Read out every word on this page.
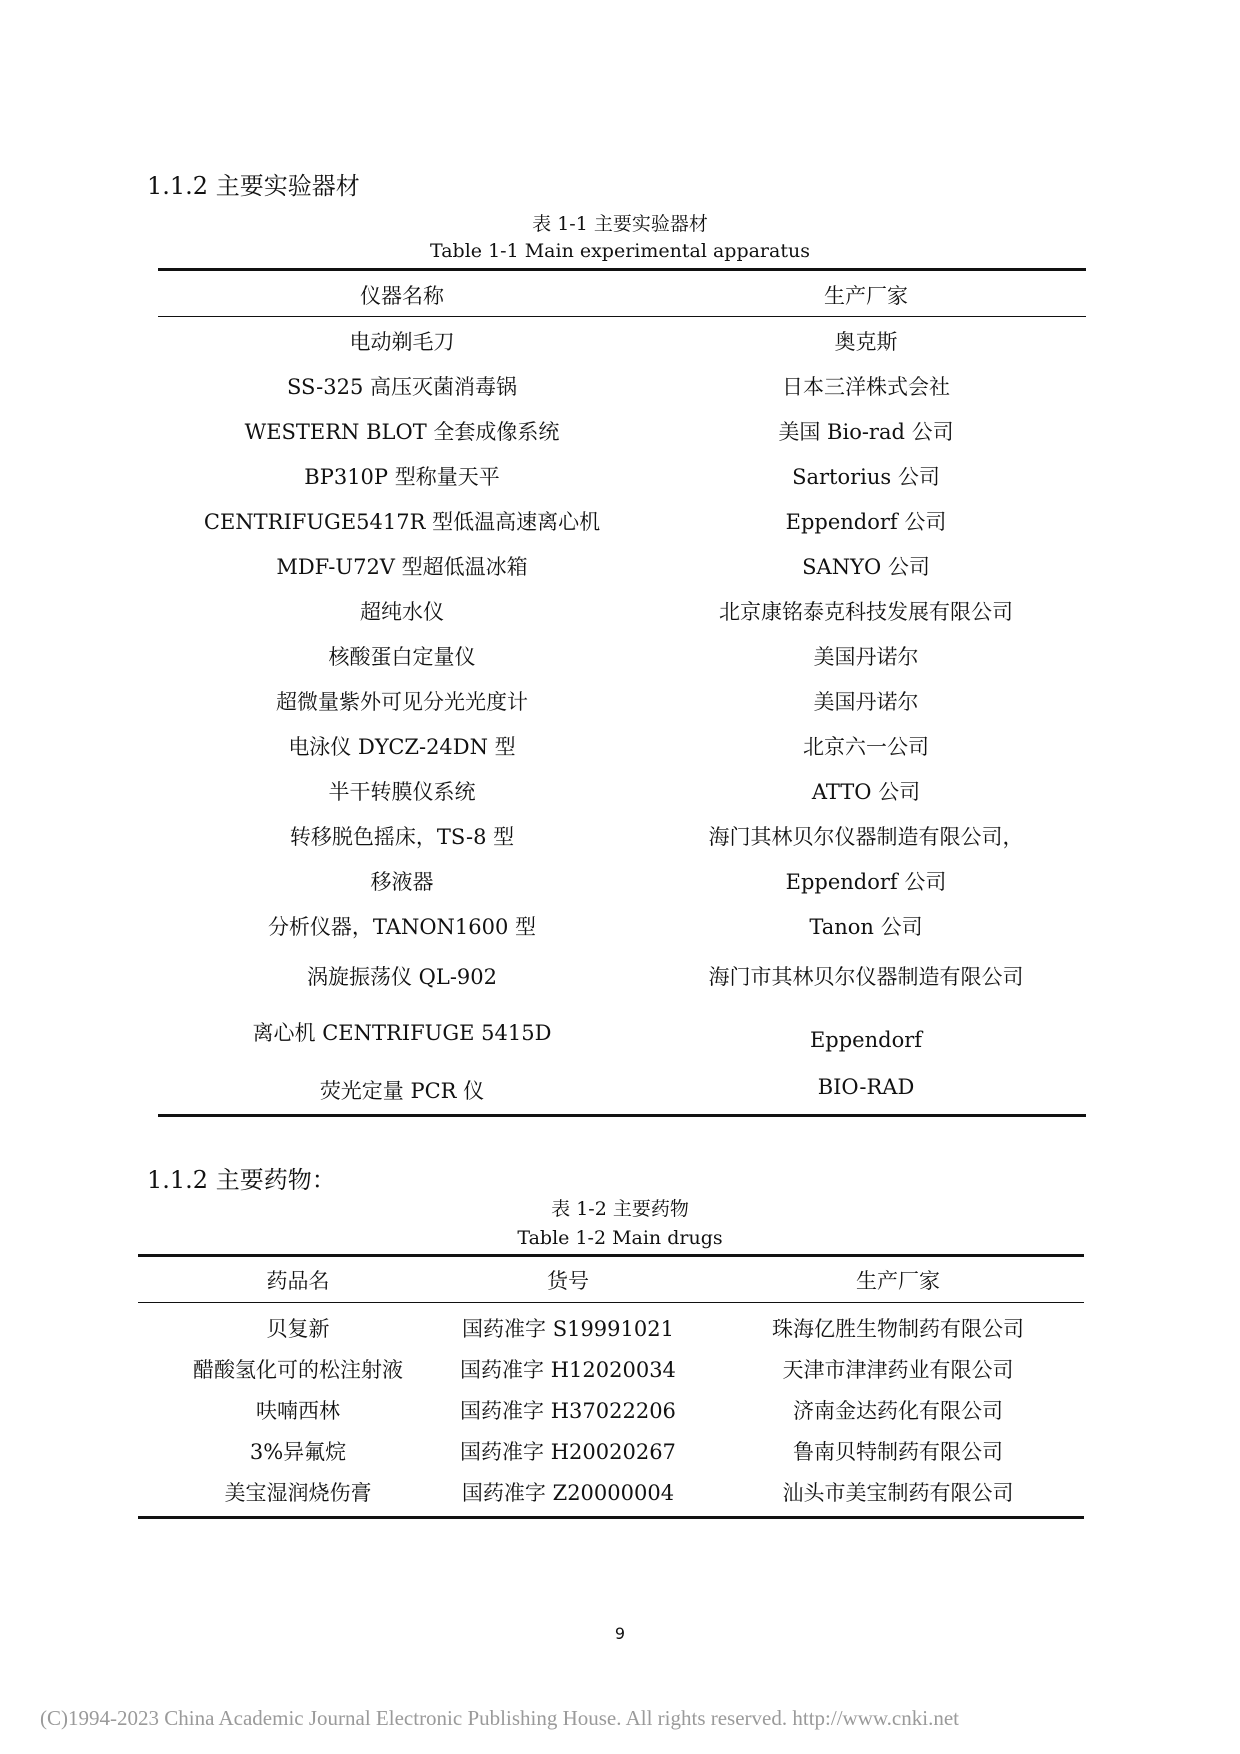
1.1.2 主要实验器材
表 1-1 主要实验器材
Table 1-1 Main experimental apparatus
仪器名称	生产厂家
电动剃毛刀	奥克斯
SS-325 高压灭菌消毒锅	日本三洋株式会社
WESTERN BLOT 全套成像系统	美国 Bio-rad 公司
BP310P 型称量天平	Sartorius 公司
CENTRIFUGE5417R 型低温高速离心机	Eppendorf 公司
MDF-U72V 型超低温冰箱	SANYO 公司
超纯水仪	北京康铭泰克科技发展有限公司
核酸蛋白定量仪	美国丹诺尔
超微量紫外可见分光光度计	美国丹诺尔
电泳仪 DYCZ-24DN 型	北京六一公司
半干转膜仪系统	ATTO 公司
转移脱色摇床，TS-8 型	海门其林贝尔仪器制造有限公司，
移液器	Eppendorf 公司
分析仪器，TANON1600 型	Tanon 公司
涡旋振荡仪 QL-902	海门市其林贝尔仪器制造有限公司
离心机 CENTRIFUGE 5415D	Eppendorf
荧光定量 PCR 仪	BIO-RAD
1.1.2 主要药物：
表 1-2 主要药物
Table 1-2 Main drugs
药品名	货号	生产厂家
贝复新	国药准字 S19991021	珠海亿胜生物制药有限公司
醋酸氢化可的松注射液	国药准字 H12020034	天津市津津药业有限公司
呋喃西林	国药准字 H37022206	济南金达药化有限公司
3%异氟烷	国药准字 H20020267	鲁南贝特制药有限公司
美宝湿润烧伤膏	国药准字 Z20000004	汕头市美宝制药有限公司
9
(C)1994-2023 China Academic Journal Electronic Publishing House. All rights reserved. http://www.cnki.net
